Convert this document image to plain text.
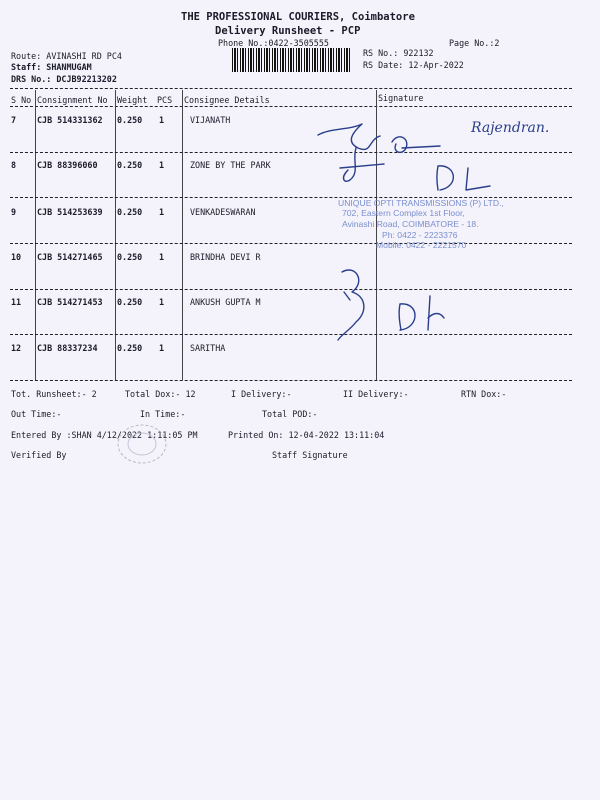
THE PROFESSIONAL COURIERS, Coimbatore
Delivery Runsheet - PCP
Phone No.:0422-3505555	Page No.:2
Route: AVINASHI RD PC4
Staff: SHANMUGAM
DRS No.: DCJB92213202
RS No.: 922132
RS Date: 12-Apr-2022
S No Consignment No Weight PCS Consignee Details	Signature
7 CJB 514331362 0.250 1	VIJANATH
8 CJB 88396060 0.250 1	ZONE BY THE PARK
9 CJB 514253639 0.250 1	VENKADESWARAN
10 CJB 514271465 0.250 1	BRINDHA DEVI R
11 CJB 514271453 0.250 1	ANKUSH GUPTA M
12 CJB 88337234 0.250 1	SARITHA
Tot. Runsheet:- 2	Total Dox:- 12	I Delivery:-	II Delivery:-	RTN Dox:-
Out Time:-	In Time:-	Total POD:-
Entered By :SHAN 4/12/2022 1:11:05 PM	Printed On: 12-04-2022 13:11:04
Verified By	Staff Signature
UNIQUE OPTI TRANSMISSIONS (P) LTD.,
702, Eastern Complex 1st Floor,
Avinashi Road, COIMBATORE - 18.
Ph: 0422 - 2223376
Mobile: 0422 - 2221570
Rajendran.
